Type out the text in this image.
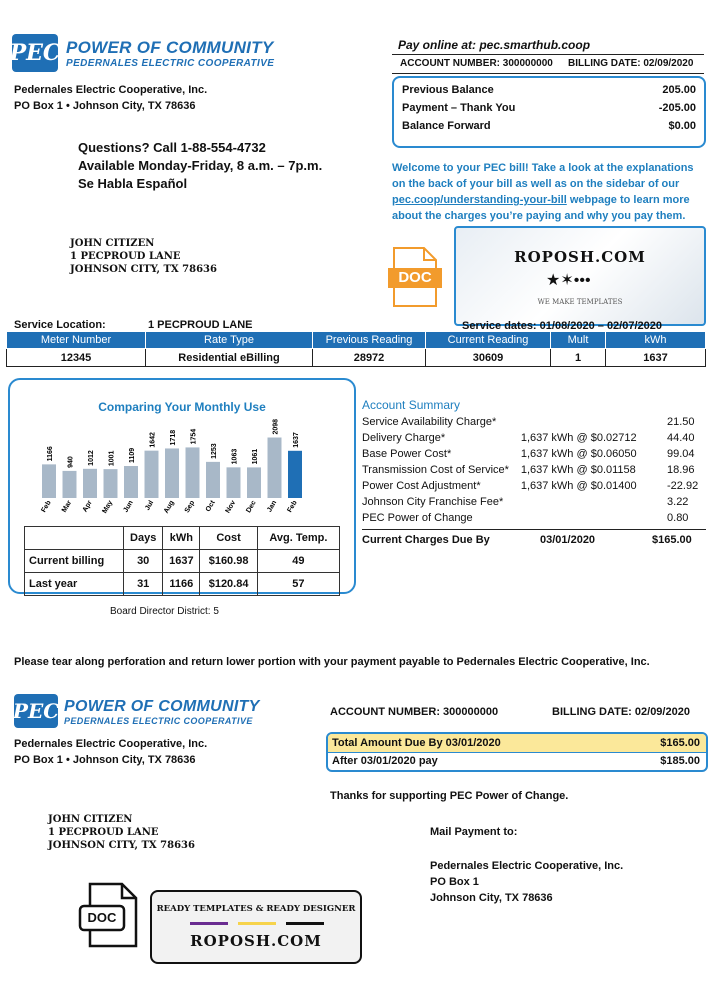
PEC POWER OF COMMUNITY
PEDERNALES ELECTRIC COOPERATIVE
Pedernales Electric Cooperative, Inc.
PO Box 1 • Johnson City, TX 78636
Questions? Call 1-88-554-4732
Available Monday-Friday, 8 a.m. – 7p.m.
Se Habla Español
JOHN CITIZEN
1 PECPROUD LANE
JOHNSON CITY, TX 78636
Pay online at: pec.smarthub.coop
ACCOUNT NUMBER: 300000000 BILLING DATE: 02/09/2020
Previous Balance	205.00
Payment – Thank You	-205.00
Balance Forward	$0.00
Welcome to your PEC bill! Take a look at the explanations on the back of your bill as well as on the sidebar of our pec.coop/understanding-your-bill webpage to learn more about the charges you’re paying and why you pay them.
DOC
ROPOSH.COM
★✶•••
WE MAKE TEMPLATES
Service Location:	1 PECPROUD LANE	Service dates: 01/08/2020 – 02/07/2020
Meter Number	Rate Type	Previous Reading	Current Reading	Mult	kWh
12345	Residential eBilling	28972	30609	1	1637
Comparing Your Monthly Use
1166
Feb
940
Mar
1012
Apr
1001
May
1109
Jun
1642
Jul
1718
Aug
1754
Sep
1253
Oct
1063
Nov
1061
Dec
2098
Jan
1637
Feb
	Days	kWh	Cost	Avg. Temp.
Current billing	30	1637	$160.98	49
Last year	31	1166	$120.84	57
Board Director District: 5
Account Summary
Service Availability Charge*	21.50
Delivery Charge*	1,637 kWh @ $0.02712	44.40
Base Power Cost*	1,637 kWh @ $0.06050	99.04
Transmission Cost of Service*	1,637 kWh @ $0.01158	18.96
Power Cost Adjustment*	1,637 kWh @ $0.01400	-22.92
Johnson City Franchise Fee*	3.22
PEC Power of Change	0.80
Current Charges Due By	03/01/2020	$165.00
Please tear along perforation and return lower portion with your payment payable to Pedernales Electric Cooperative, Inc.
PEC POWER OF COMMUNITY
PEDERNALES ELECTRIC COOPERATIVE
Pedernales Electric Cooperative, Inc.
PO Box 1 • Johnson City, TX 78636
ACCOUNT NUMBER: 300000000	BILLING DATE: 02/09/2020
Total Amount Due By 03/01/2020	$165.00
After 03/01/2020 pay	$185.00
Thanks for supporting PEC Power of Change.
JOHN CITIZEN
1 PECPROUD LANE
JOHNSON CITY, TX 78636
Mail Payment to:
Pedernales Electric Cooperative, Inc.
PO Box 1
Johnson City, TX 78636
DOC
READY TEMPLATES & READY DESIGNER
ROPOSH.COM
